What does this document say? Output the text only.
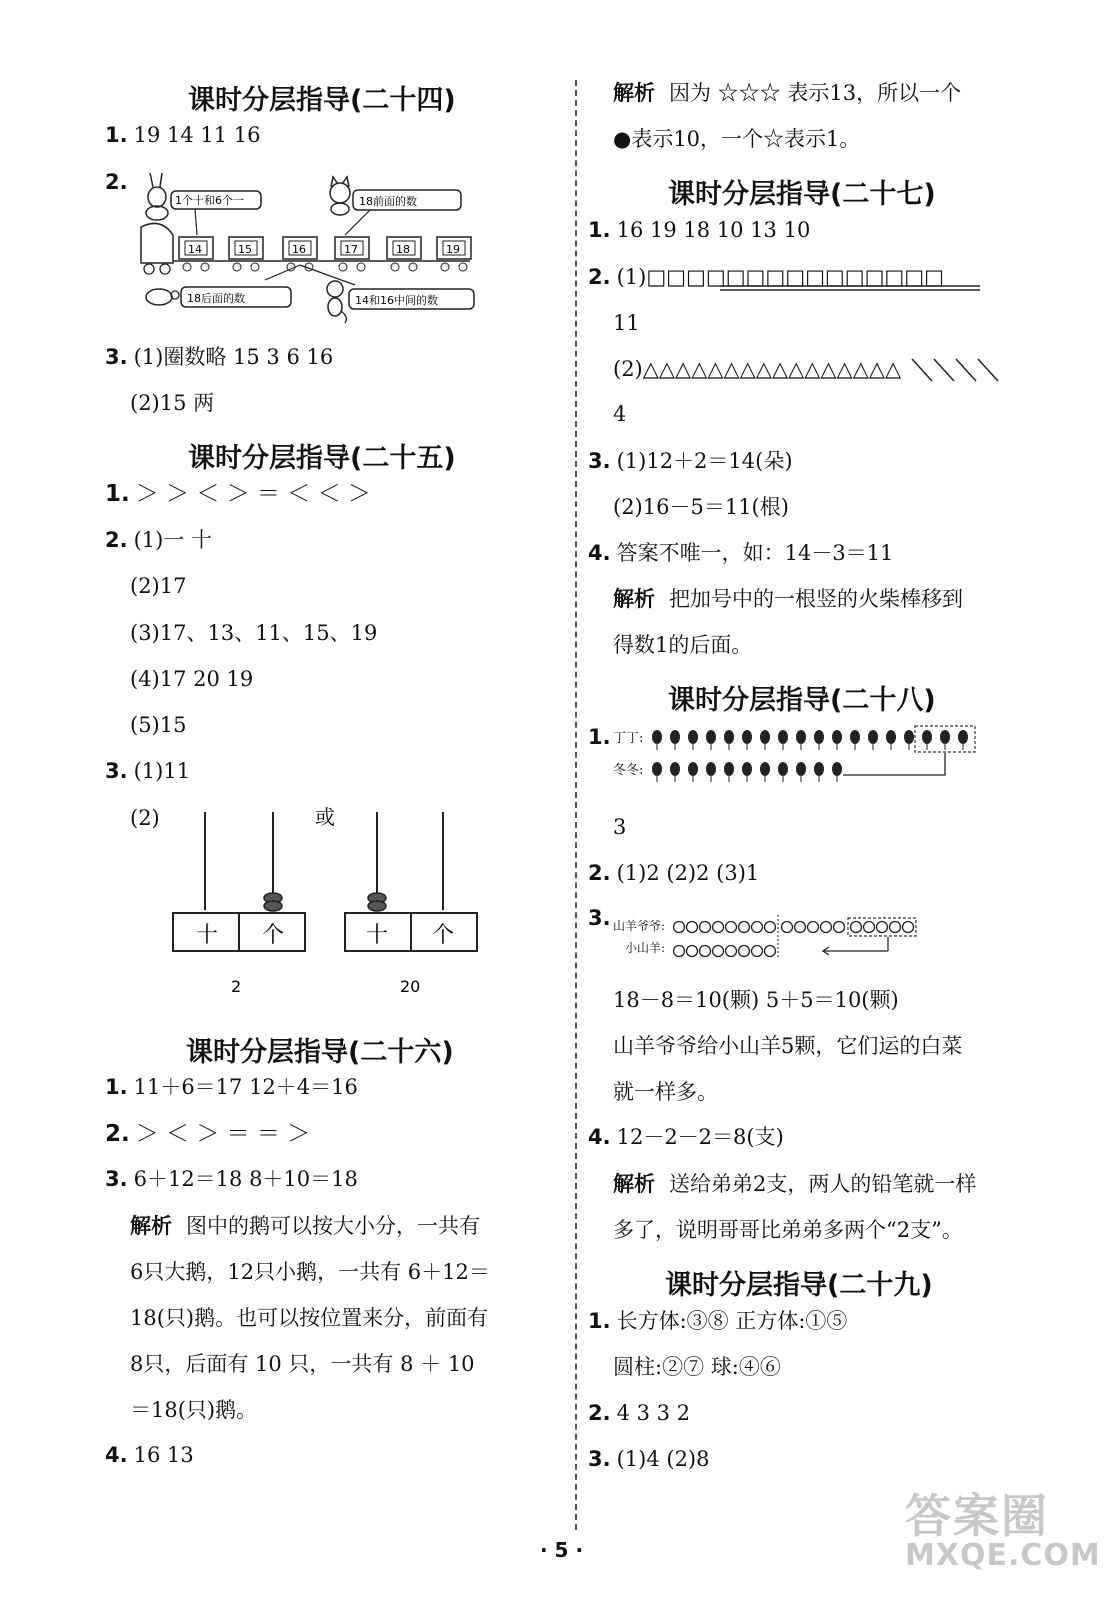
课时分层指导(二十四)
1. 19 14 11 16
2.
1个十和6个一	18前面的数
14	15	16	17	18	19
18后面的数	14和16中间的数
3. (1)圈数略 15 3 6 16
(2)15 两
课时分层指导(二十五)
1. ＞ ＞ ＜ ＞ ＝ ＜ ＜ ＞
2. (1)一 十
(2)17
(3)17、13、11、15、19
(4)17 20 19
(5)15
3. (1)11
(2)
十 个
2
或
十 个
20
课时分层指导(二十六)
1. 11＋6＝17 12＋4＝16
2. ＞ ＜ ＞ ＝ ＝ ＞
3. 6＋12＝18 8＋10＝18
解析 图中的鹅可以按大小分，一共有
6只大鹅，12只小鹅，一共有 6＋12＝
18(只)鹅。也可以按位置来分，前面有
8只，后面有 10 只，一共有 8 ＋ 10
＝18(只)鹅。
4. 16 13
解析 因为 ☆☆☆ 表示13，所以一个
●表示10，一个☆表示1。
课时分层指导(二十七)
1. 16 19 18 10 13 10
2. (1)□□□□□□□□□□□□□□□
11
(2)△△△△△△△△△△△△△△△△
4
3. (1)12＋2＝14(朵)
(2)16－5＝11(根)
4. 答案不唯一，如：14－3＝11
解析 把加号中的一根竖的火柴棒移到
得数1的后面。
课时分层指导(二十八)
1. 丁丁:
冬冬:
3
2. (1)2 (2)2 (3)1
3. 山羊爷爷:
小山羊:
18－8＝10(颗) 5＋5＝10(颗)
山羊爷爷给小山羊5颗，它们运的白菜
就一样多。
4. 12－2－2＝8(支)
解析 送给弟弟2支，两人的铅笔就一样
多了，说明哥哥比弟弟多两个“2支”。
课时分层指导(二十九)
1. 长方体:③⑧ 正方体:①⑤
圆柱:②⑦ 球:④⑥
2. 4 3 3 2
3. (1)4 (2)8
· 5 ·
答案圈
MXQE.COM
